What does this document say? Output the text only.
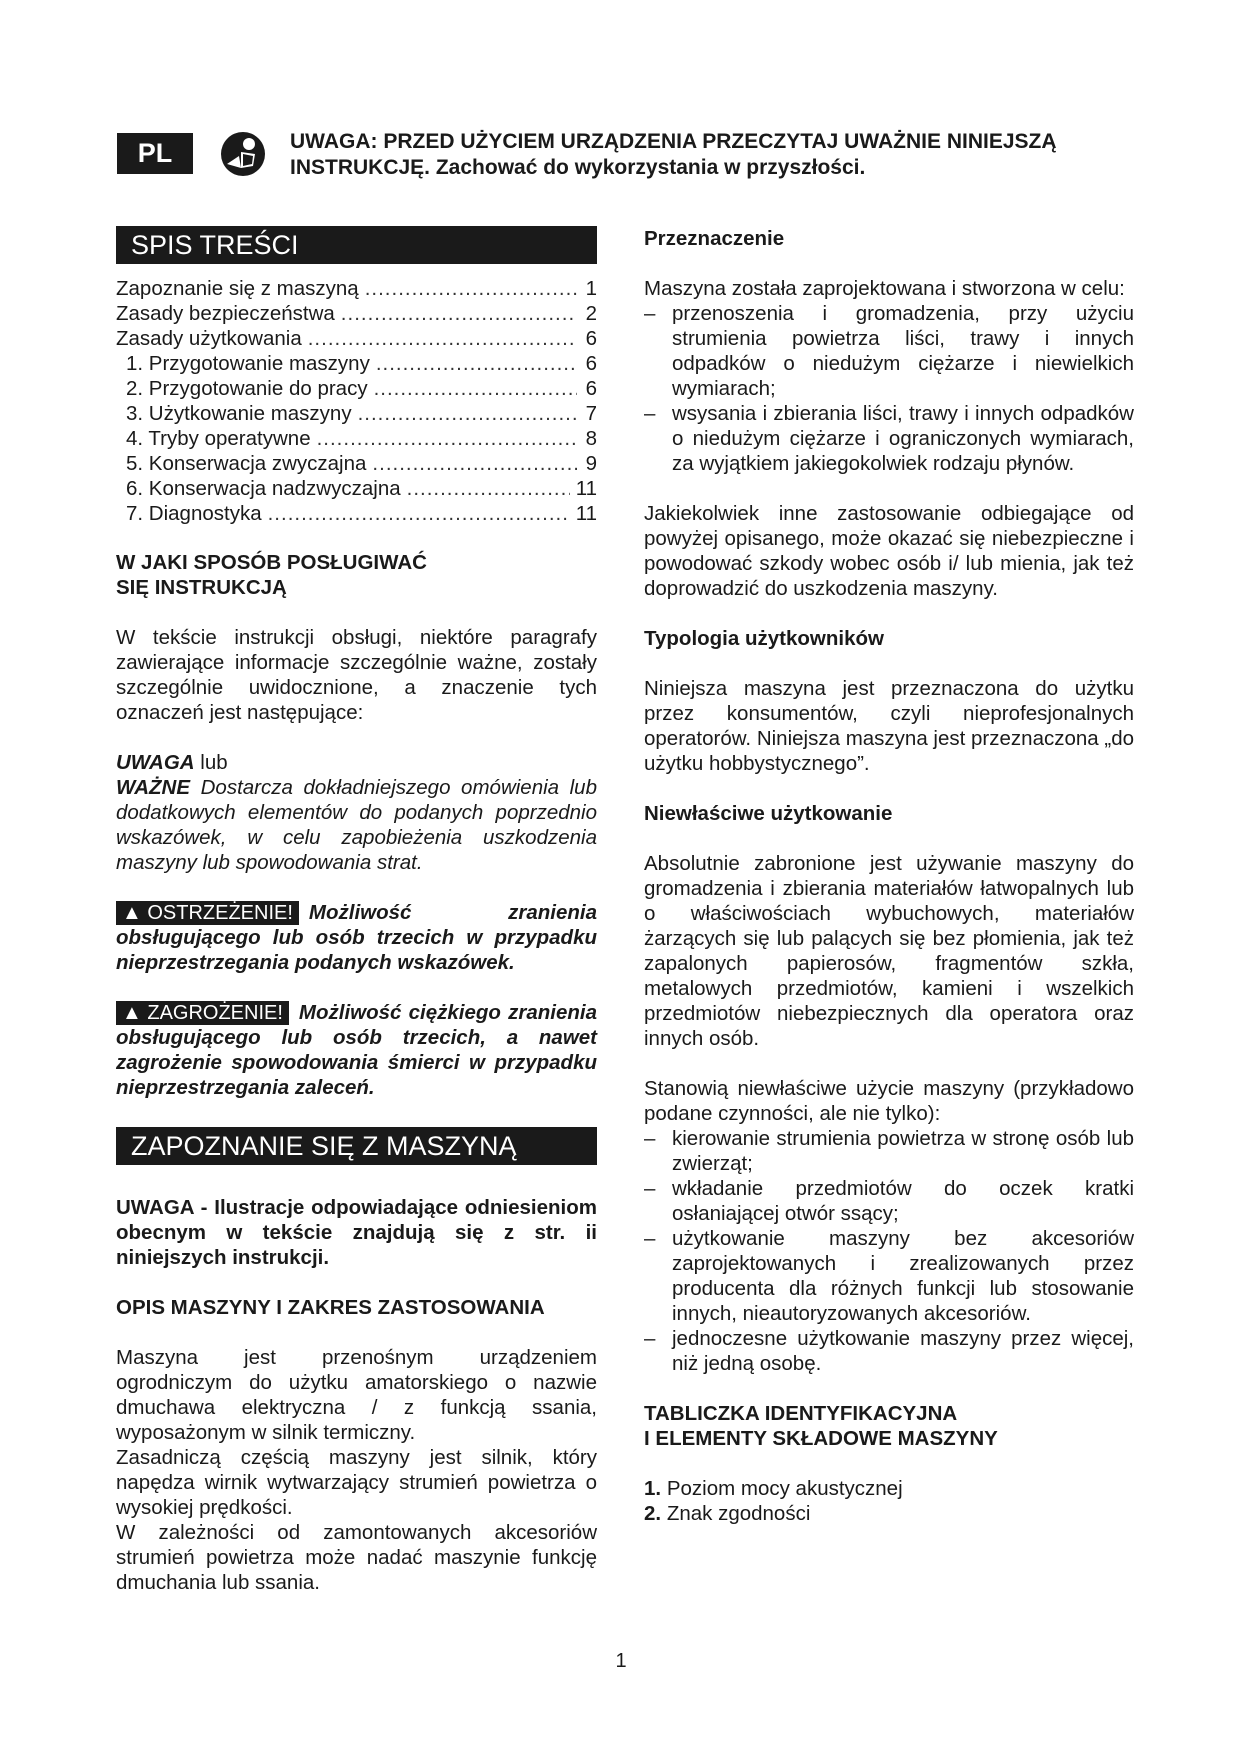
PL	UWAGA: PRZED UŻYCIEM URZĄDZENIA PRZECZYTAJ UWAŻNIE NINIEJSZĄ
INSTRUKCJĘ. Zachować do wykorzystania w przyszłości.
SPIS TREŚCI
Zapoznanie się z maszyną .....	1
Zasady bezpieczeństwa .....	2
Zasady użytkowania .....	6
1. Przygotowanie maszyny .....	6
2. Przygotowanie do pracy .....	6
3. Użytkowanie maszyny .....	7
4. Tryby operatywne .....	8
5. Konserwacja zwyczajna .....	9
6. Konserwacja nadzwyczajna .....	11
7. Diagnostyka .....	11
W JAKI SPOSÓB POSŁUGIWAĆ
SIĘ INSTRUKCJĄ

W tekście instrukcji obsługi, niektóre paragrafy zawierające informacje szczególnie ważne, zostały szczególnie uwidocznione, a znaczenie tych oznaczeń jest następujące:

UWAGA lub
WAŻNE Dostarcza dokładniejszego omówienia lub dodatkowych elementów do podanych poprzednio wskazówek, w celu zapobieżenia uszkodzenia maszyny lub spowodowania strat.

▲ OSTRZEŻENIE! Możliwość zranienia obsługującego lub osób trzecich w przypadku nieprzestrzegania podanych wskazówek.

▲ ZAGROŻENIE! Możliwość ciężkiego zranienia obsługującego lub osób trzecich, a nawet zagrożenie spowodowania śmierci w przypadku nieprzestrzegania zaleceń.

ZAPOZNANIE SIĘ Z MASZYNĄ

UWAGA - Ilustracje odpowiadające odniesieniom obecnym w tekście znajdują się z str. ii niniejszych instrukcji.

OPIS MASZYNY I ZAKRES ZASTOSOWANIA

Maszyna jest przenośnym urządzeniem ogrodniczym do użytku amatorskiego o nazwie dmuchawa elektryczna / z funkcją ssania, wyposażonym w silnik termiczny.

Zasadniczą częścią maszyny jest silnik, który napędza wirnik wytwarzający strumień powietrza o wysokiej prędkości.

W zależności od zamontowanych akcesoriów strumień powietrza może nadać maszynie funkcję dmuchania lub ssania.

Przeznaczenie

Maszyna została zaprojektowana i stworzona w celu:

– przenoszenia i gromadzenia, przy użyciu strumienia powietrza liści, trawy i innych odpadków o niedużym ciężarze i niewielkich wymiarach;
– wsysania i zbierania liści, trawy i innych odpadków o niedużym ciężarze i ograniczonych wymiarach, za wyjątkiem jakiegokolwiek rodzaju płynów.

Jakiekolwiek inne zastosowanie odbiegające od powyżej opisanego, może okazać się niebezpieczne i powodować szkody wobec osób i/ lub mienia, jak też doprowadzić do uszkodzenia maszyny.

Typologia użytkowników

Niniejsza maszyna jest przeznaczona do użytku przez konsumentów, czyli nieprofesjonalnych operatorów. Niniejsza maszyna jest przeznaczona „do użytku hobbystycznego”.

Niewłaściwe użytkowanie

Absolutnie zabronione jest używanie maszyny do gromadzenia i zbierania materiałów łatwopalnych lub o właściwościach wybuchowych, materiałów żarzących się lub palących się bez płomienia, jak też zapalonych papierosów, fragmentów szkła, metalowych przedmiotów, kamieni i wszelkich przedmiotów niebezpiecznych dla operatora oraz innych osób.

Stanowią niewłaściwe użycie maszyny (przykładowo podane czynności, ale nie tylko):

– kierowanie strumienia powietrza w stronę osób lub zwierząt;
– wkładanie przedmiotów do oczek kratki osłaniającej otwór ssący;
– użytkowanie maszyny bez akcesoriów zaprojektowanych i zrealizowanych przez producenta dla różnych funkcji lub stosowanie innych, nieautoryzowanych akcesoriów.
– jednoczesne użytkowanie maszyny przez więcej, niż jedną osobę.
TABLICZKA IDENTYFIKACYJNA
I ELEMENTY SKŁADOWE MASZYNY
1. Poziom mocy akustycznej
2. Znak zgodności
1
